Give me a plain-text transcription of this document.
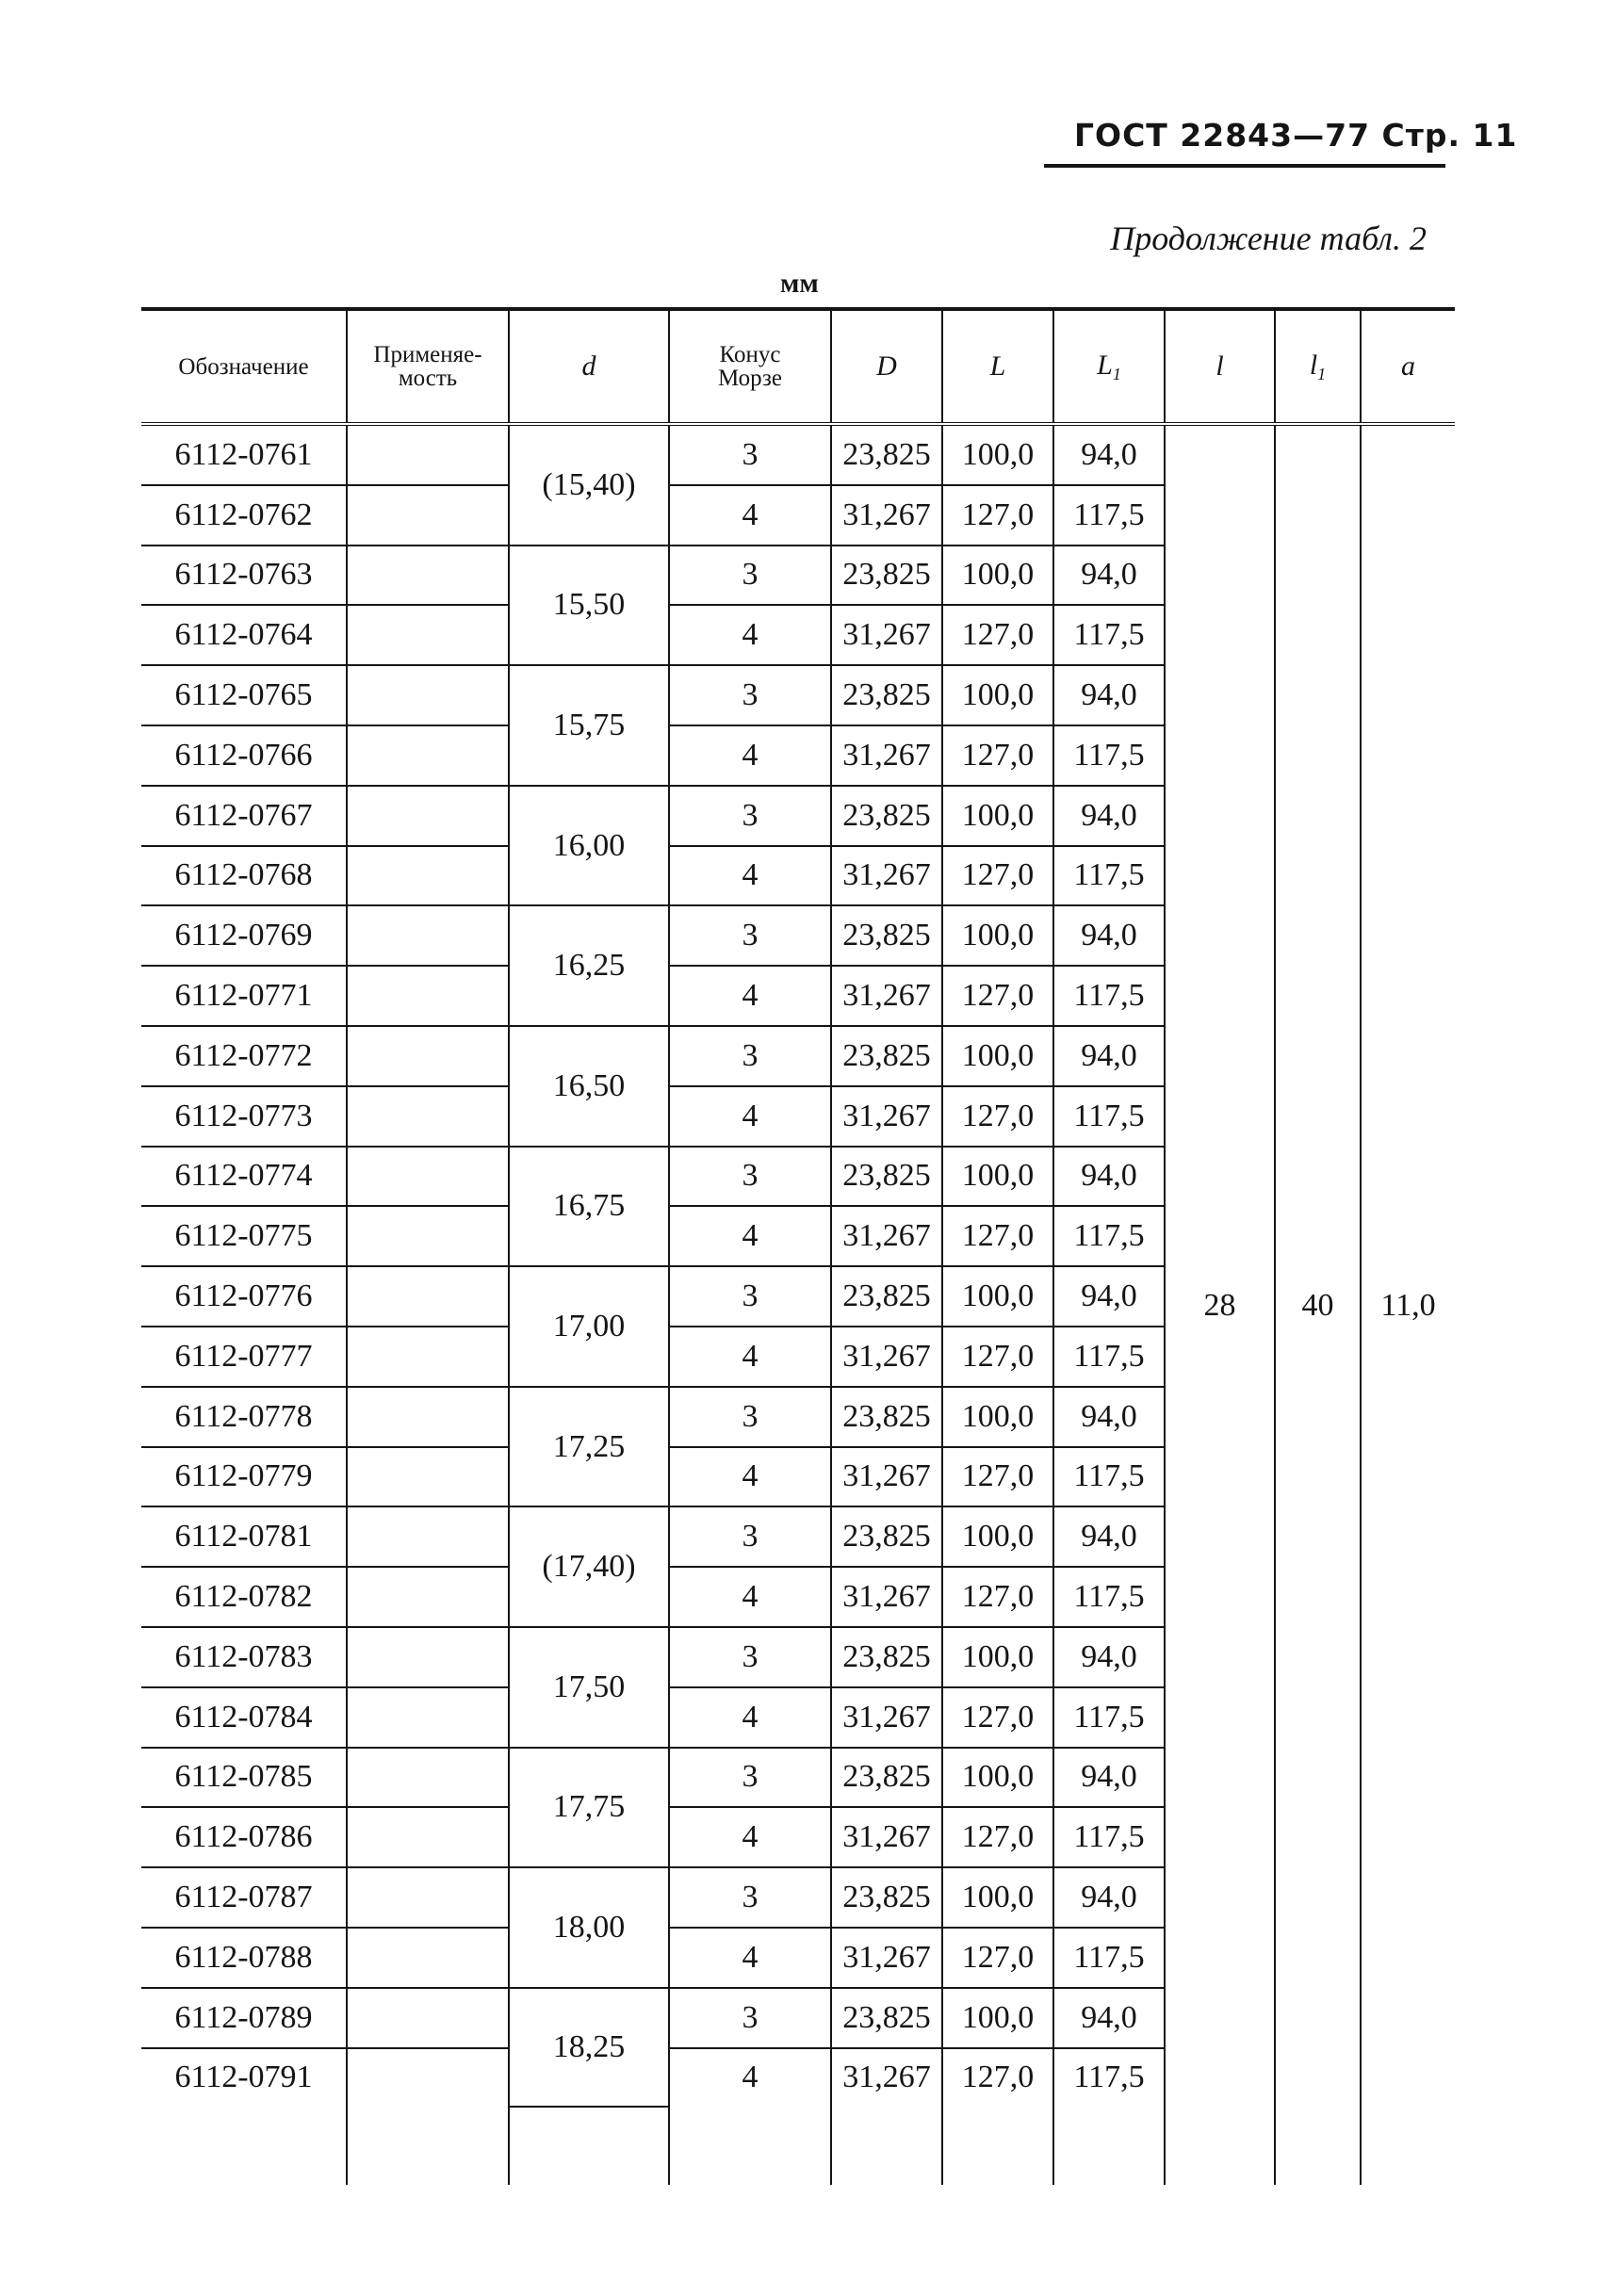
ГОСТ 22843—77 Стр. 11
Продолжение табл. 2
мм
Обозначение	Применяе-мость	d	Конус Морзе	D	L	$L_1$	l	$l_1$	a
6112-0761		(15,40)	3	23,825	100,0	94,0	28	40	11,0
6112-0762			4	31,267	127,0	117,5			
6112-0763		15,50	3	23,825	100,0	94,0			
6112-0764			4	31,267	127,0	117,5			
6112-0765		15,75	3	23,825	100,0	94,0			
6112-0766			4	31,267	127,0	117,5			
6112-0767		16,00	3	23,825	100,0	94,0			
6112-0768			4	31,267	127,0	117,5			
6112-0769		16,25	3	23,825	100,0	94,0			
6112-0771			4	31,267	127,0	117,5			
6112-0772		16,50	3	23,825	100,0	94,0			
6112-0773			4	31,267	127,0	117,5			
6112-0774		16,75	3	23,825	100,0	94,0			
6112-0775			4	31,267	127,0	117,5			
6112-0776		17,00	3	23,825	100,0	94,0			
6112-0777			4	31,267	127,0	117,5			
6112-0778		17,25	3	23,825	100,0	94,0			
6112-0779			4	31,267	127,0	117,5			
6112-0781		(17,40)	3	23,825	100,0	94,0			
6112-0782			4	31,267	127,0	117,5			
6112-0783		17,50	3	23,825	100,0	94,0			
6112-0784			4	31,267	127,0	117,5			
6112-0785		17,75	3	23,825	100,0	94,0			
6112-0786			4	31,267	127,0	117,5			
6112-0787		18,00	3	23,825	100,0	94,0			
6112-0788			4	31,267	127,0	117,5			
6112-0789		18,25	3	23,825	100,0	94,0			
6112-0791			4	31,267	127,0	117,5			
